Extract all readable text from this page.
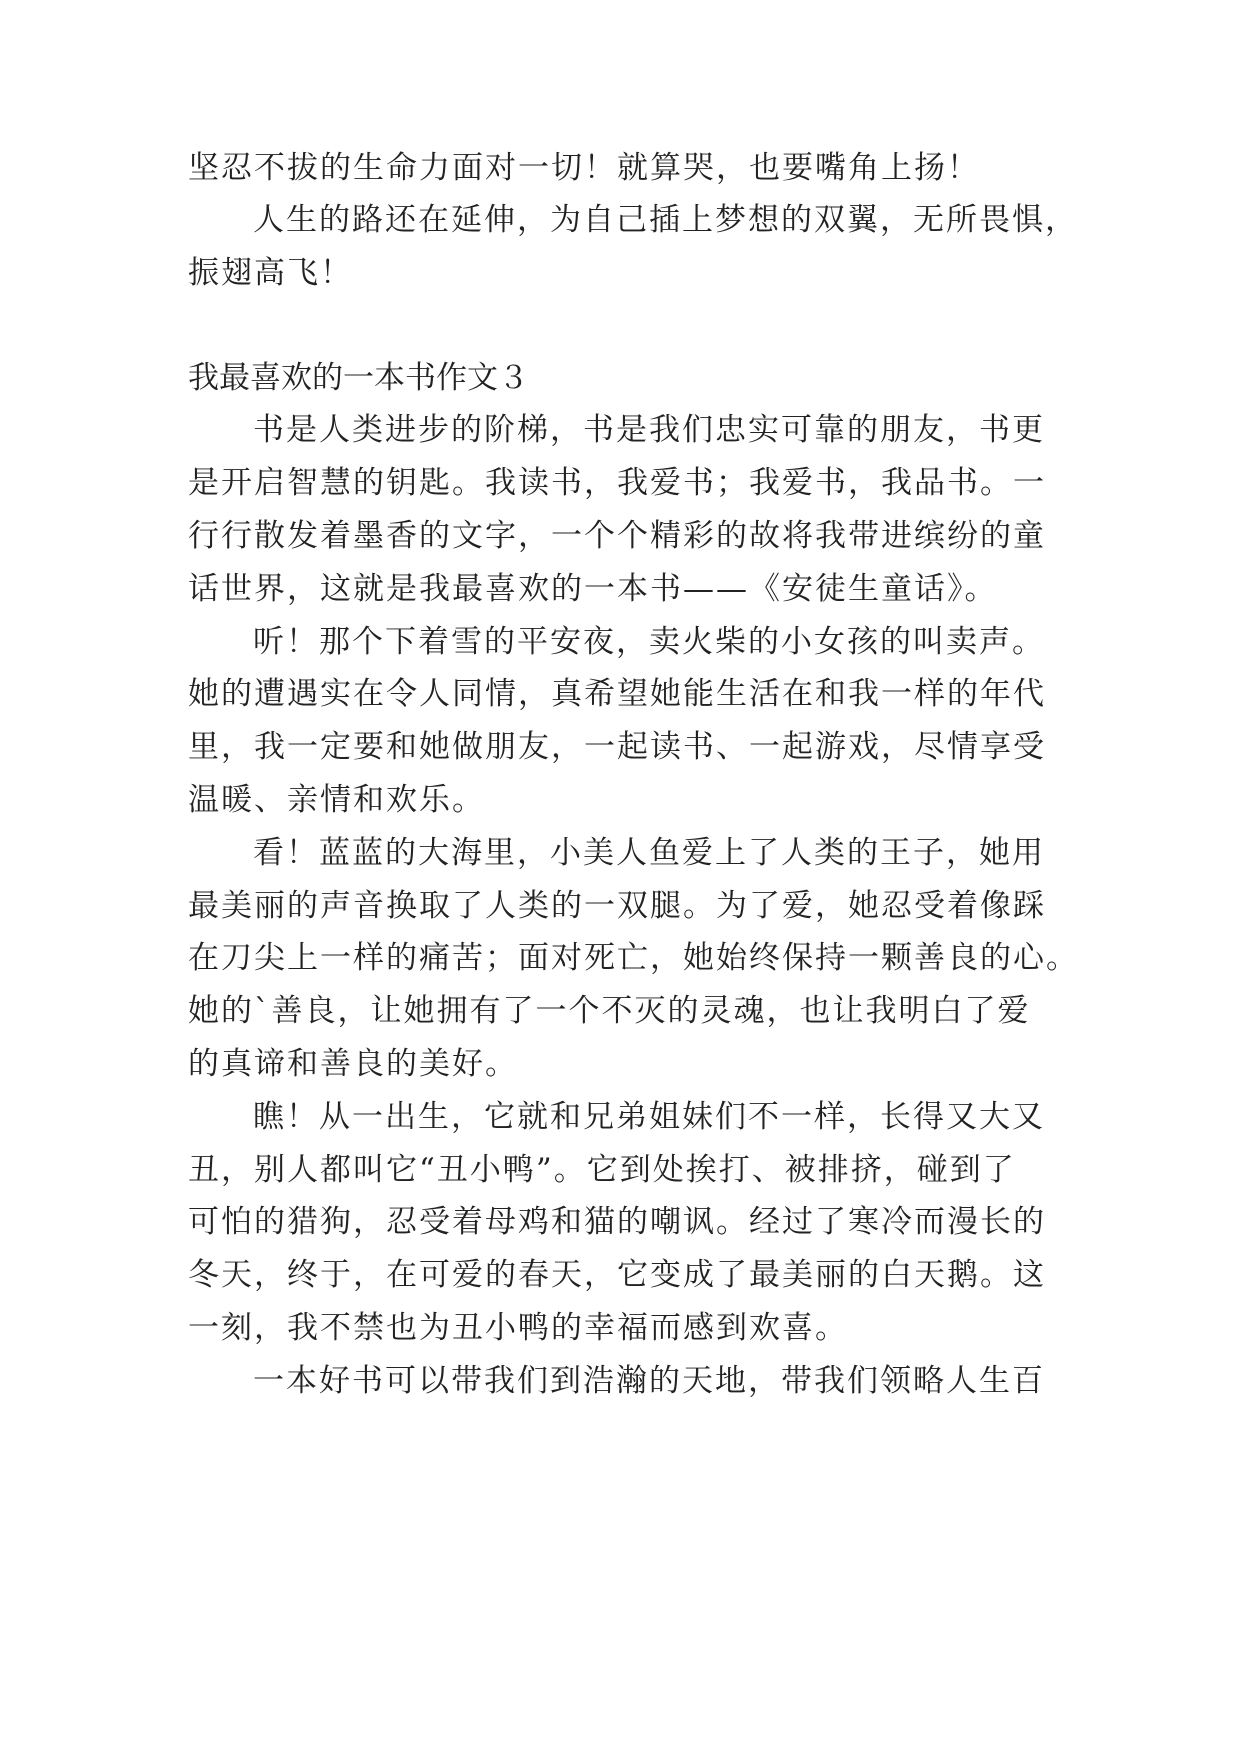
坚忍不拔的生命力面对一切！就算哭，也要嘴角上扬！
人生的路还在延伸，为自己插上梦想的双翼，无所畏惧，
振翅高飞！
我最喜欢的一本书作文３
书是人类进步的阶梯，书是我们忠实可靠的朋友，书更
是开启智慧的钥匙。我读书，我爱书；我爱书，我品书。一
行行散发着墨香的文字，一个个精彩的故将我带进缤纷的童
话世界，这就是我最喜欢的一本书——《安徒生童话》。
听！那个下着雪的平安夜，卖火柴的小女孩的叫卖声。
她的遭遇实在令人同情，真希望她能生活在和我一样的年代
里，我一定要和她做朋友，一起读书、一起游戏，尽情享受
温暖、亲情和欢乐。
看！蓝蓝的大海里，小美人鱼爱上了人类的王子，她用
最美丽的声音换取了人类的一双腿。为了爱，她忍受着像踩
在刀尖上一样的痛苦；面对死亡，她始终保持一颗善良的心。
她的`善良，让她拥有了一个不灭的灵魂，也让我明白了爱
的真谛和善良的美好。
瞧！从一出生，它就和兄弟姐妹们不一样，长得又大又
丑，别人都叫它“丑小鸭”。它到处挨打、被排挤，碰到了
可怕的猎狗，忍受着母鸡和猫的嘲讽。经过了寒冷而漫长的
冬天，终于，在可爱的春天，它变成了最美丽的白天鹅。这
一刻，我不禁也为丑小鸭的幸福而感到欢喜。
一本好书可以带我们到浩瀚的天地，带我们领略人生百
